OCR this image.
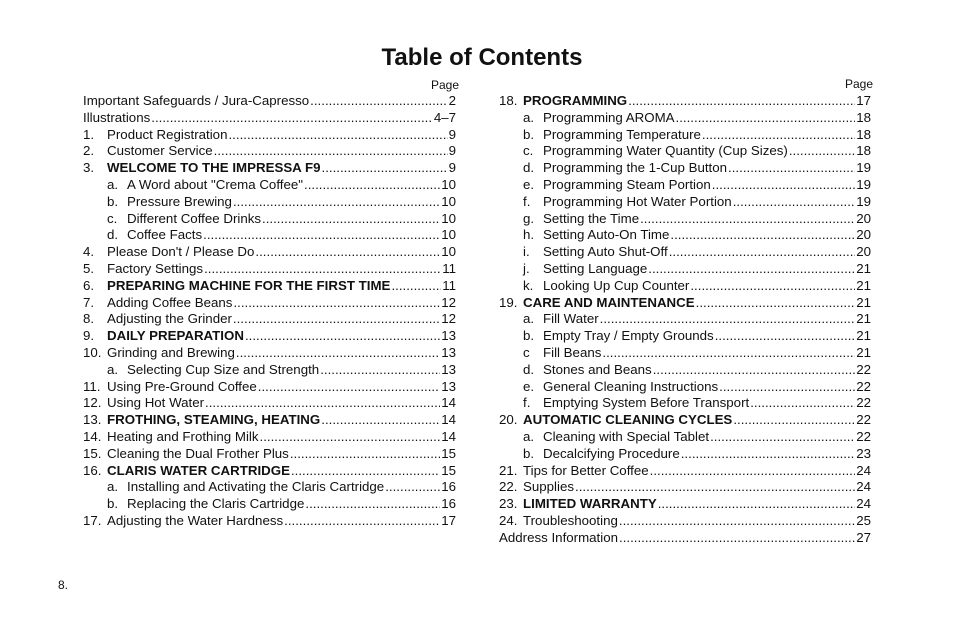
Table of Contents
Page	Page
Important Safeguards / Jura-Capresso .....	2
Illustrations .....	4–7
1. Product Registration .....	9
2. Customer Service .....	9
3. WELCOME TO THE IMPRESSA F9 .....	9
a. A Word about "Crema Coffee" .....	10
b. Pressure Brewing .....	10
c. Different Coffee Drinks .....	10
d. Coffee Facts .....	10
4. Please Don't / Please Do .....	10
5. Factory Settings .....	11
6. PREPARING MACHINE FOR THE FIRST TIME .....	11
7. Adding Coffee Beans .....	12
8. Adjusting the Grinder .....	12
9. DAILY PREPARATION .....	13
10. Grinding and Brewing .....	13
a. Selecting Cup Size and Strength .....	13
11. Using Pre-Ground Coffee .....	13
12. Using Hot Water .....	14
13. FROTHING, STEAMING, HEATING .....	14
14. Heating and Frothing Milk .....	14
15. Cleaning the Dual Frother Plus .....	15
16. CLARIS WATER CARTRIDGE .....	15
a. Installing and Activating the Claris Cartridge .....	16
b. Replacing the Claris Cartridge .....	16
17. Adjusting the Water Hardness .....	17
18. PROGRAMMING .....	17
a. Programming AROMA .....	18
b. Programming Temperature .....	18
c. Programming Water Quantity (Cup Sizes) .....	18
d. Programming the 1-Cup Button .....	19
e. Programming Steam Portion .....	19
f. Programming Hot Water Portion .....	19
g. Setting the Time .....	20
h. Setting Auto-On Time .....	20
i.	Setting Auto Shut-Off .....	20
j.	Setting Language .....	21
k. Looking Up Cup Counter .....	21
19. CARE AND MAINTENANCE .....	21
a. Fill Water .....	21
b. Empty Tray / Empty Grounds .....	21
c	Fill Beans .....	21
d. Stones and Beans .....	22
e. General Cleaning Instructions .....	22
f. Emptying System Before Transport .....	22
20. AUTOMATIC CLEANING CYCLES .....	22
a. Cleaning with Special Tablet .....	22
b. Decalcifying Procedure .....	23
21. Tips for Better Coffee .....	24
22. Supplies .....	24
23. LIMITED WARRANTY .....	24
24. Troubleshooting .....	25
Address Information .....	27
8.
